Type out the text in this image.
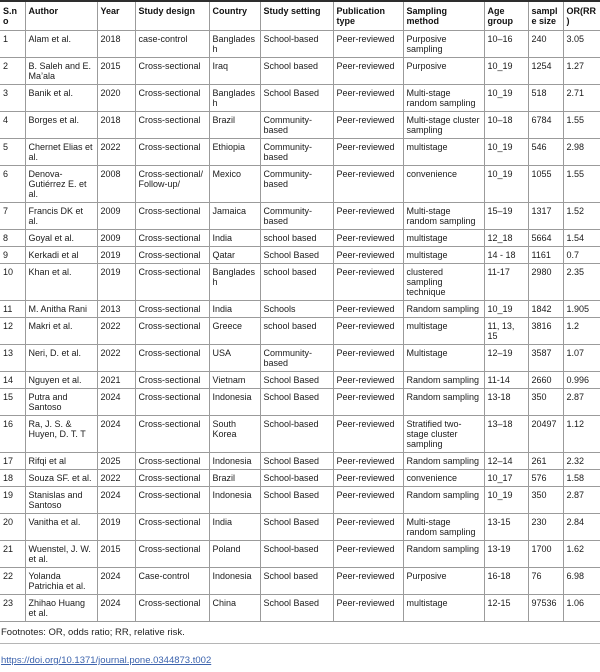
S.no	Author	Year	Study design	Country	Study setting	Publication type	Sampling method	Age group	sample size	OR(RR)
1	Alam et al.	2018	case-control	Bangladesh	School-based	Peer-reviewed	Purposive sampling	10–16	240	3.05
2	B. Saleh and E. Ma’ala	2015	Cross-sectional	Iraq	School based	Peer-reviewed	Purposive	10_19	1254	1.27
3	Banik et al.	2020	Cross-sectional	Bangladesh	School Based	Peer-reviewed	Multi-stage random sampling	10_19	518	2.71
4	Borges et al.	2018	Cross-sectional	Brazil	Community-based	Peer-reviewed	Multi-stage cluster sampling	10–18	6784	1.55
5	Chernet Elias et al.	2022	Cross-sectional	Ethiopia	Community-based	Peer-reviewed	multistage	10_19	546	2.98
6	Denova-Gutiérrez E. et al.	2008	Cross-sectional/ Follow-up/	Mexico	Community-based	Peer-reviewed	convenience	10_19	1055	1.55
7	Francis DK et al.	2009	Cross-sectional	Jamaica	Community-based	Peer-reviewed	Multi-stage random sampling	15–19	1317	1.52
8	Goyal et al.	2009	Cross-sectional	India	school based	Peer-reviewed	multistage	12_18	5664	1.54
9	Kerkadi et al	2019	Cross-sectional	Qatar	School Based	Peer-reviewed	multistage	14 - 18	1161	0.7
10	Khan et al.	2019	Cross-sectional	Bangladesh	school based	Peer-reviewed	clustered sampling technique	11-17	2980	2.35
11	M. Anitha Rani	2013	Cross-sectional	India	Schools	Peer-reviewed	Random sampling	10_19	1842	1.905
12	Makri et al.	2022	Cross-sectional	Greece	school based	Peer-reviewed	multistage	11, 13, 15	3816	1.2
13	Neri, D. et al.	2022	Cross-sectional	USA	Community-based	Peer-reviewed	Multistage	12–19	3587	1.07
14	Nguyen et al.	2021	Cross-sectional	Vietnam	School Based	Peer-reviewed	Random sampling	11-14	2660	0.996
15	Putra and Santoso	2024	Cross-sectional	Indonesia	School Based	Peer-reviewed	Random sampling	13-18	350	2.87
16	Ra, J. S. & Huyen, D. T. T	2024	Cross-sectional	South Korea	School-based	Peer-reviewed	Stratified two-stage cluster sampling	13–18	20497	1.12
17	Rifqi et al	2025	Cross-sectional	Indonesia	School Based	Peer-reviewed	Random sampling	12–14	261	2.32
18	Souza SF. et al.	2022	Cross-sectional	Brazil	School-based	Peer-reviewed	convenience	10_17	576	1.58
19	Stanislas and Santoso	2024	Cross-sectional	Indonesia	School Based	Peer-reviewed	Random sampling	10_19	350	2.87
20	Vanitha et al.	2019	Cross-sectional	India	School Based	Peer-reviewed	Multi-stage random sampling	13-15	230	2.84
21	Wuenstel, J. W. et al.	2015	Cross-sectional	Poland	School-based	Peer-reviewed	Random sampling	13-19	1700	1.62
22	Yolanda Patrichia et al.	2024	Case-control	Indonesia	School based	Peer-reviewed	Purposive	16-18	76	6.98
23	Zhihao Huang et al.	2024	Cross-sectional	China	School Based	Peer-reviewed	multistage	12-15	97536	1.06
Footnotes: OR, odds ratio; RR, relative risk.
https://doi.org/10.1371/journal.pone.0344873.t002
